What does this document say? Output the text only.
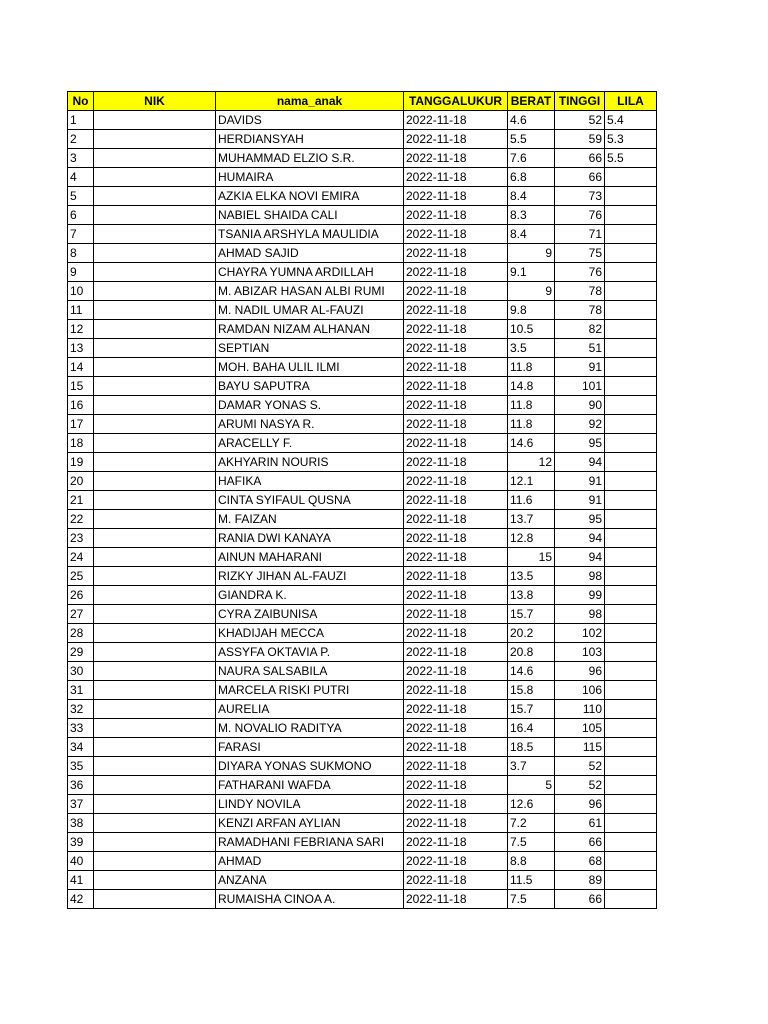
No	NIK	nama_anak	TANGGALUKUR	BERAT	TINGGI	LILA
1		DAVIDS	2022-11-18	4.6	52	5.4
2		HERDIANSYAH	2022-11-18	5.5	59	5.3
3		MUHAMMAD ELZIO S.R.	2022-11-18	7.6	66	5.5
4		HUMAIRA	2022-11-18	6.8	66	
5		AZKIA ELKA NOVI EMIRA	2022-11-18	8.4	73	
6		NABIEL SHAIDA CALI	2022-11-18	8.3	76	
7		TSANIA ARSHYLA MAULIDIA	2022-11-18	8.4	71	
8		AHMAD SAJID	2022-11-18	9	75	
9		CHAYRA YUMNA ARDILLAH	2022-11-18	9.1	76	
10		M. ABIZAR HASAN ALBI RUMI	2022-11-18	9	78	
11		M. NADIL UMAR AL-FAUZI	2022-11-18	9.8	78	
12		RAMDAN NIZAM ALHANAN	2022-11-18	10.5	82	
13		SEPTIAN	2022-11-18	3.5	51	
14		MOH. BAHA ULIL ILMI	2022-11-18	11.8	91	
15		BAYU SAPUTRA	2022-11-18	14.8	101	
16		DAMAR YONAS S.	2022-11-18	11.8	90	
17		ARUMI NASYA R.	2022-11-18	11.8	92	
18		ARACELLY F.	2022-11-18	14.6	95	
19		AKHYARIN NOURIS	2022-11-18	12	94	
20		HAFIKA	2022-11-18	12.1	91	
21		CINTA SYIFAUL QUSNA	2022-11-18	11.6	91	
22		M. FAIZAN	2022-11-18	13.7	95	
23		RANIA DWI KANAYA	2022-11-18	12.8	94	
24		AINUN MAHARANI	2022-11-18	15	94	
25		RIZKY JIHAN AL-FAUZI	2022-11-18	13.5	98	
26		GIANDRA K.	2022-11-18	13.8	99	
27		CYRA ZAIBUNISA	2022-11-18	15.7	98	
28		KHADIJAH MECCA	2022-11-18	20.2	102	
29		ASSYFA OKTAVIA P.	2022-11-18	20.8	103	
30		NAURA SALSABILA	2022-11-18	14.6	96	
31		MARCELA RISKI PUTRI	2022-11-18	15.8	106	
32		AURELIA	2022-11-18	15.7	110	
33		M. NOVALIO RADITYA	2022-11-18	16.4	105	
34		FARASI	2022-11-18	18.5	115	
35		DIYARA YONAS SUKMONO	2022-11-18	3.7	52	
36		FATHARANI WAFDA	2022-11-18	5	52	
37		LINDY NOVILA	2022-11-18	12.6	96	
38		KENZI ARFAN AYLIAN	2022-11-18	7.2	61	
39		RAMADHANI FEBRIANA SARI	2022-11-18	7.5	66	
40		AHMAD	2022-11-18	8.8	68	
41		ANZANA	2022-11-18	11.5	89	
42		RUMAISHA CINOA A.	2022-11-18	7.5	66	
